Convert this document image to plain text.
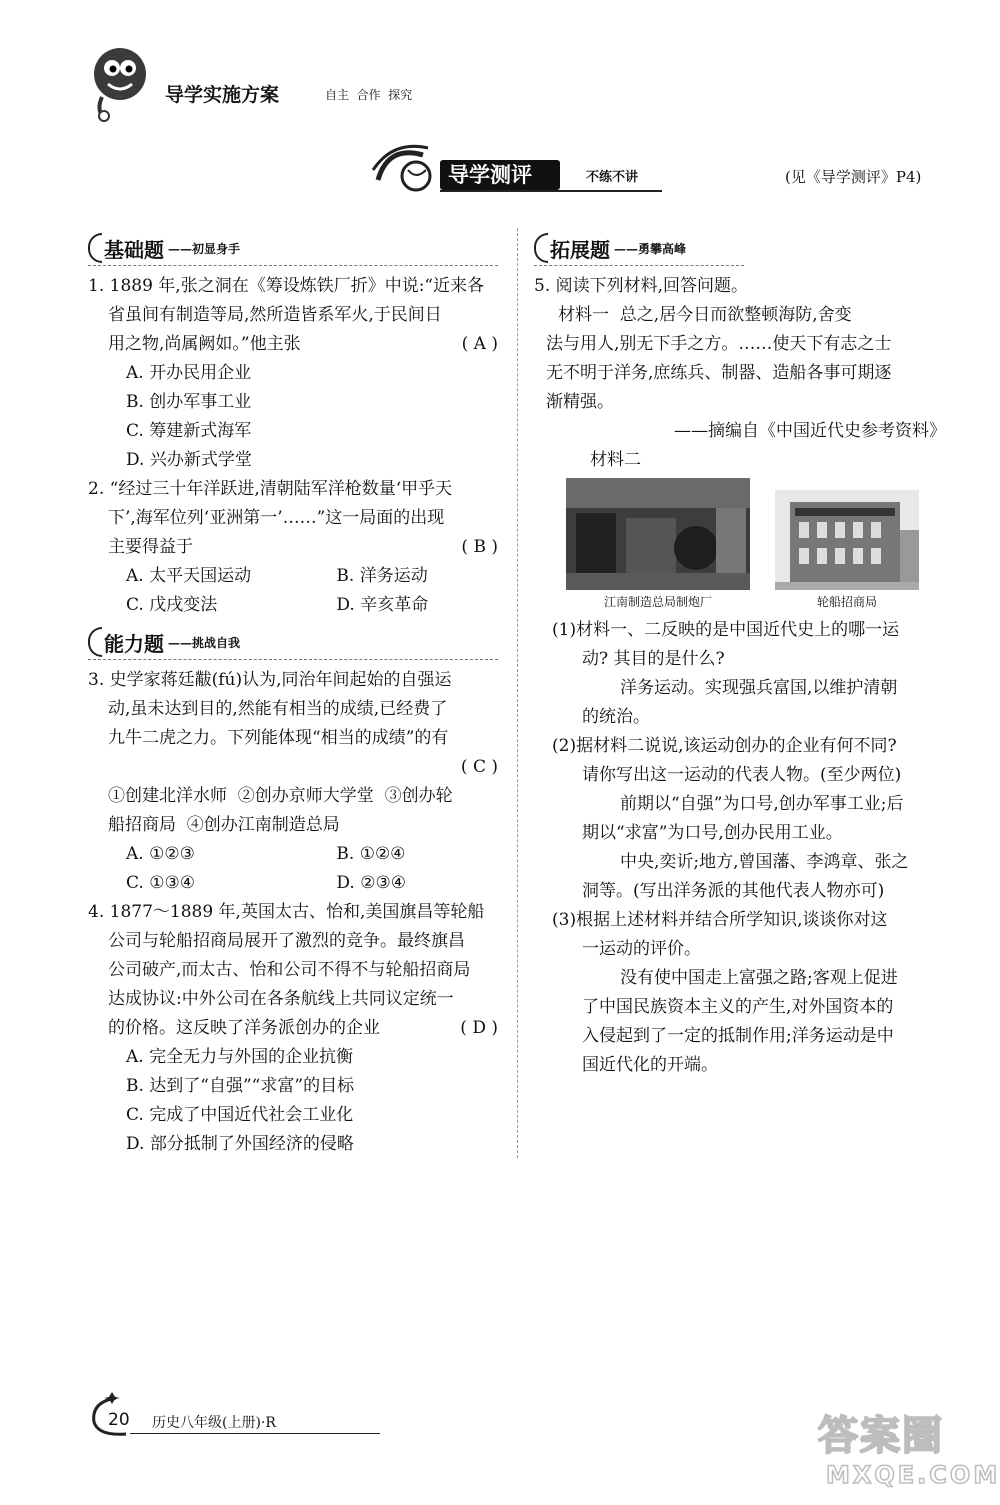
导学实施方案	自主  合作  探究
导学测评	不练不讲	(见《导学测评》P4)
基础题 ——初显身手
1. 1889 年,张之洞在《筹设炼铁厂折》中说:“近来各
省虽间有制造等局,然所造皆系军火,于民间日
用之物,尚属阙如。”他主张	( A )
A. 开办民用企业
B. 创办军事工业
C. 筹建新式海军
D. 兴办新式学堂
2. “经过三十年洋跃进,清朝陆军洋枪数量‘甲乎天
下’,海军位列‘亚洲第一’……”这一局面的出现
主要得益于	( B )
A. 太平天国运动	B. 洋务运动
C. 戊戌变法	D. 辛亥革命
能力题 ——挑战自我
3. 史学家蒋廷黻(fú)认为,同治年间起始的自强运
动,虽未达到目的,然能有相当的成绩,已经费了
九牛二虎之力。下列能体现“相当的成绩”的有
( C )
①创建北洋水师  ②创办京师大学堂  ③创办轮
船招商局  ④创办江南制造总局
A. ①②③	B. ①②④
C. ①③④	D. ②③④
4. 1877～1889 年,英国太古、怡和,美国旗昌等轮船
公司与轮船招商局展开了激烈的竞争。最终旗昌
公司破产,而太古、怡和公司不得不与轮船招商局
达成协议:中外公司在各条航线上共同议定统一
的价格。这反映了洋务派创办的企业	( D )
A. 完全无力与外国的企业抗衡
B. 达到了“自强”“求富”的目标
C. 完成了中国近代社会工业化
D. 部分抵制了外国经济的侵略
拓展题 ——勇攀高峰
5. 阅读下列材料,回答问题。
材料一  总之,居今日而欲整顿海防,舍变
法与用人,别无下手之方。……使天下有志之士
无不明于洋务,庶练兵、制器、造船各事可期逐
渐精强。
——摘编自《中国近代史参考资料》
材料二
江南制造总局制炮厂	轮船招商局
(1)材料一、二反映的是中国近代史上的哪一运
动? 其目的是什么?
洋务运动。实现强兵富国,以维护清朝
的统治。
(2)据材料二说说,该运动创办的企业有何不同?
请你写出这一运动的代表人物。(至少两位)
前期以“自强”为口号,创办军事工业;后
期以“求富”为口号,创办民用工业。
中央,奕䜣;地方,曾国藩、李鸿章、张之
洞等。(写出洋务派的其他代表人物亦可)
(3)根据上述材料并结合所学知识,谈谈你对这
一运动的评价。
没有使中国走上富强之路;客观上促进
了中国民族资本主义的产生,对外国资本的
入侵起到了一定的抵制作用;洋务运动是中
国近代化的开端。
20 历史八年级(上册)·R	答案圈
MXQE.COM
